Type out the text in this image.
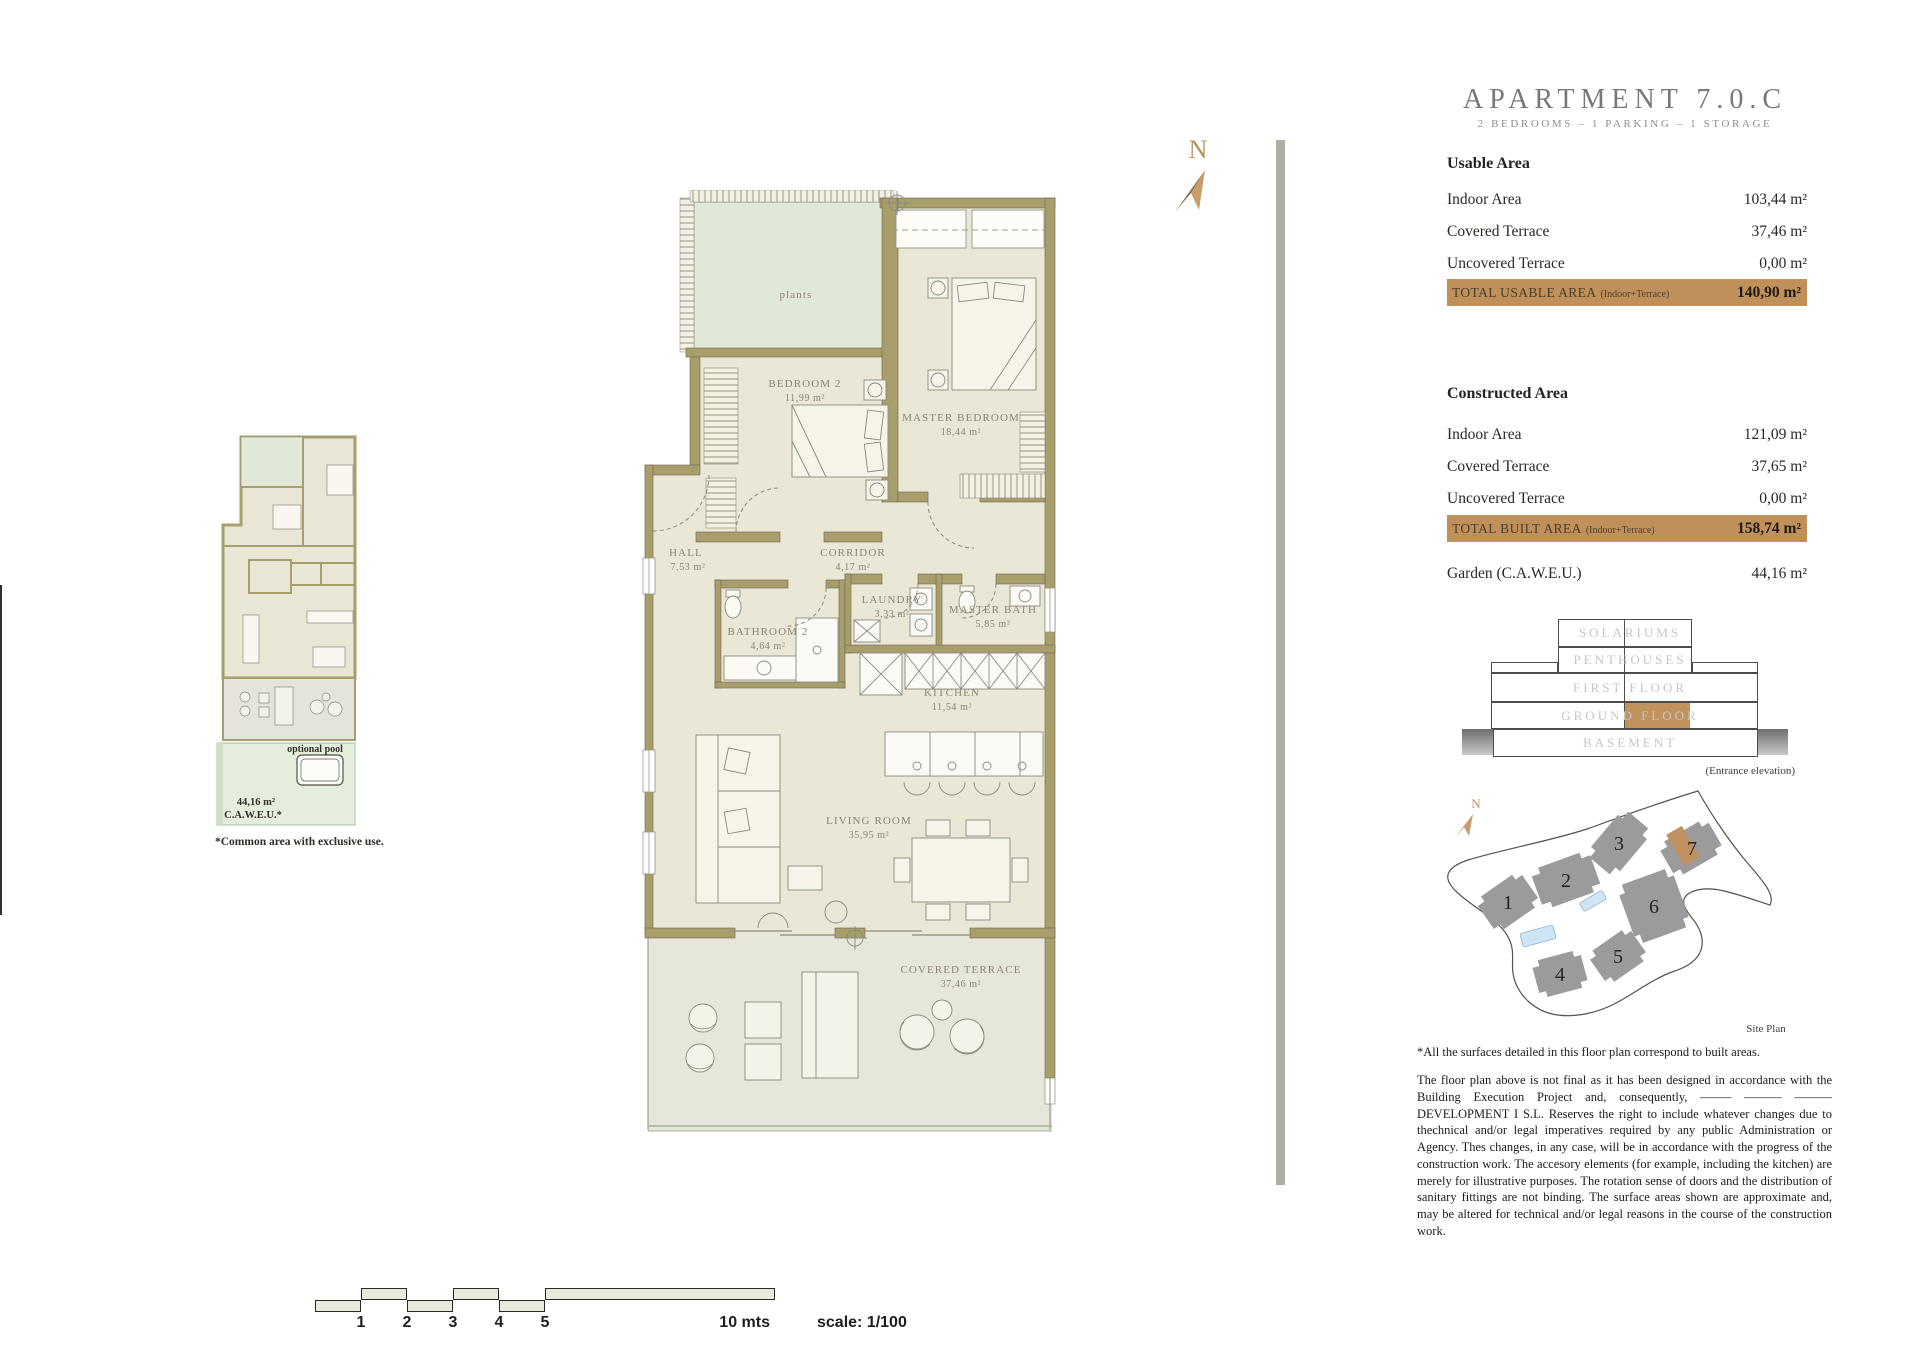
N
plants
BEDROOM 2
11,99 m²
MASTER BEDROOM
18,44 m²
HALL
7,53 m²
CORRIDOR
4,17 m²
LAUNDRY
3,33 m²	MASTER BATH
5,85 m²
BATHROOM 2
4,64 m²
KITCHEN
11,54 m²
LIVING ROOM
35,95 m²
COVERED TERRACE
37,46 m²
optional pool
44,16 m²
C.A.W.E.U.*
*Common area with exclusive use.
APARTMENT 7.0.C
2 BEDROOMS – 1 PARKING – 1 STORAGE
Usable Area
Indoor Area	103,44 m²
Covered Terrace	37,46 m²
Uncovered Terrace	0,00 m²
TOTAL USABLE AREA (Indoor+Terrace)	140,90 m²
Constructed Area
Indoor Area	121,09 m²
Covered Terrace	37,65 m²
Uncovered Terrace	0,00 m²
TOTAL BUILT AREA (Indoor+Terrace)	158,74 m²
Garden (C.A.W.E.U.)	44,16 m²
SOLARIUMS
PENTHOUSES
FIRST FLOOR
GROUND FLOOR
BASEMENT
(Entrance elevation)
1
2
3
4
5
6
7
N
Site Plan
*All the surfaces detailed in this floor plan correspond to built areas.
The floor plan above is not final as it has been designed in accordance with the Building Execution Project and, consequently, ––––– –––––– –––––– DEVELOPMENT I S.L. Reserves the right to include whatever changes due to thechnical and/or legal imperatives required by any public Administration or Agency. Thes changes, in any case, will be in accordance with the progress of the construction work. The accesory elements (for example, including the kitchen) are merely for illustrative purposes. The rotation sense of doors and the distribution of sanitary fittings are not binding. The surface areas shown are approximate and, may be altered for technical and/or legal reasons in the course of the construction work.
1	2	3	4	5	10 mts	scale: 1/100
